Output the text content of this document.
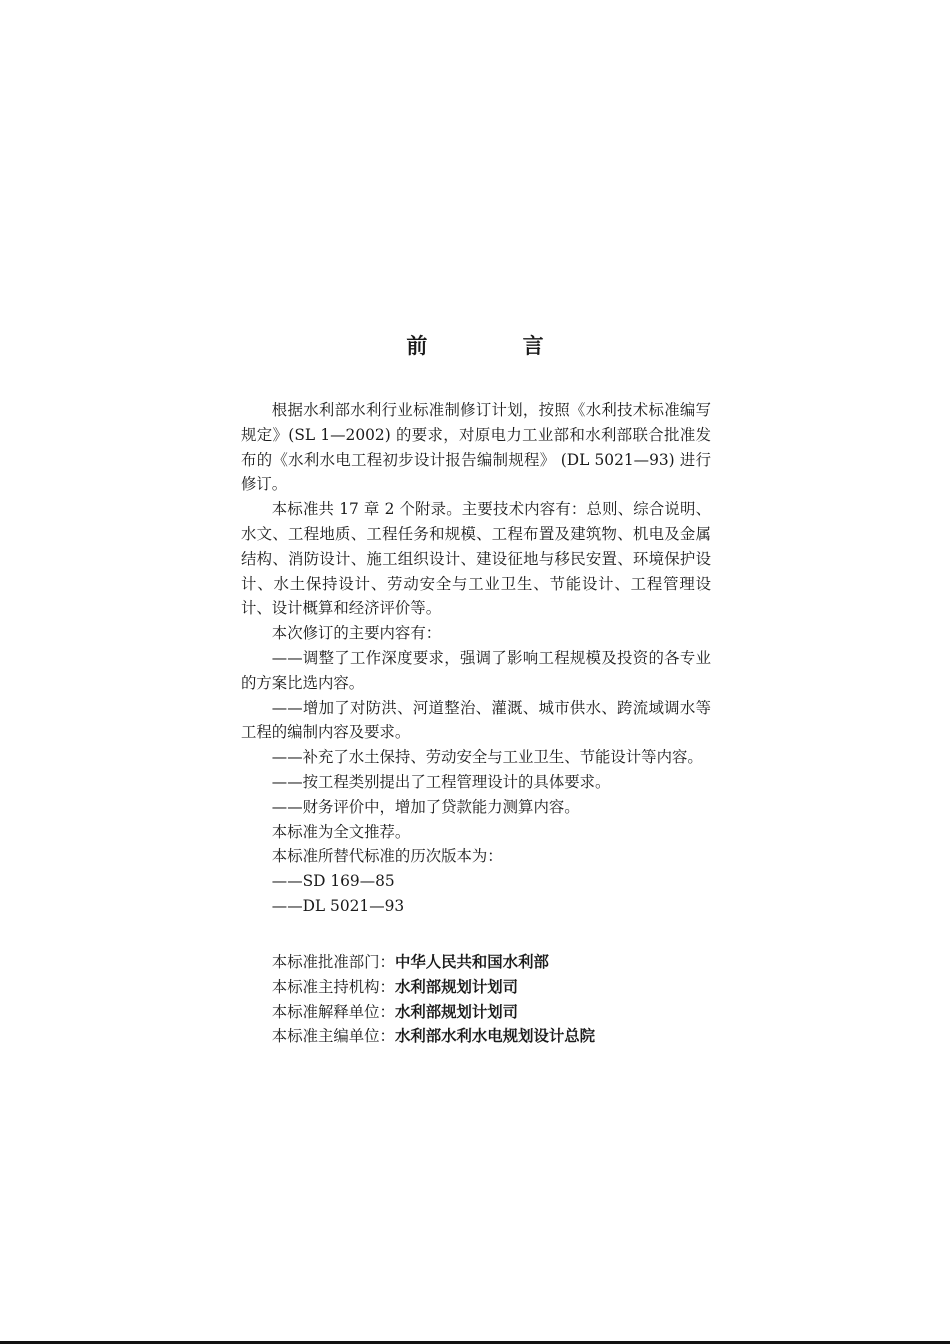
前 言

根据水利部水利行业标准制修订计划，按照《水利技术标准编写规定》(SL 1—2002) 的要求，对原电力工业部和水利部联合批准发布的《水利水电工程初步设计报告编制规程》 (DL 5021—93) 进行修订。

本标准共 17 章 2 个附录。主要技术内容有：总则、综合说明、水文、工程地质、工程任务和规模、工程布置及建筑物、机电及金属结构、消防设计、施工组织设计、建设征地与移民安置、环境保护设计、水土保持设计、劳动安全与工业卫生、节能设计、工程管理设计、设计概算和经济评价等。

本次修订的主要内容有：

——调整了工作深度要求，强调了影响工程规模及投资的各专业的方案比选内容。

——增加了对防洪、河道整治、灌溉、城市供水、跨流域调水等工程的编制内容及要求。

——补充了水土保持、劳动安全与工业卫生、节能设计等内容。

——按工程类别提出了工程管理设计的具体要求。

——财务评价中，增加了贷款能力测算内容。

本标准为全文推荐。

本标准所替代标准的历次版本为：

——SD 169—85

——DL 5021—93

本标准批准部门：中华人民共和国水利部

本标准主持机构：水利部规划计划司

本标准解释单位：水利部规划计划司

本标准主编单位：水利部水利水电规划设计总院
